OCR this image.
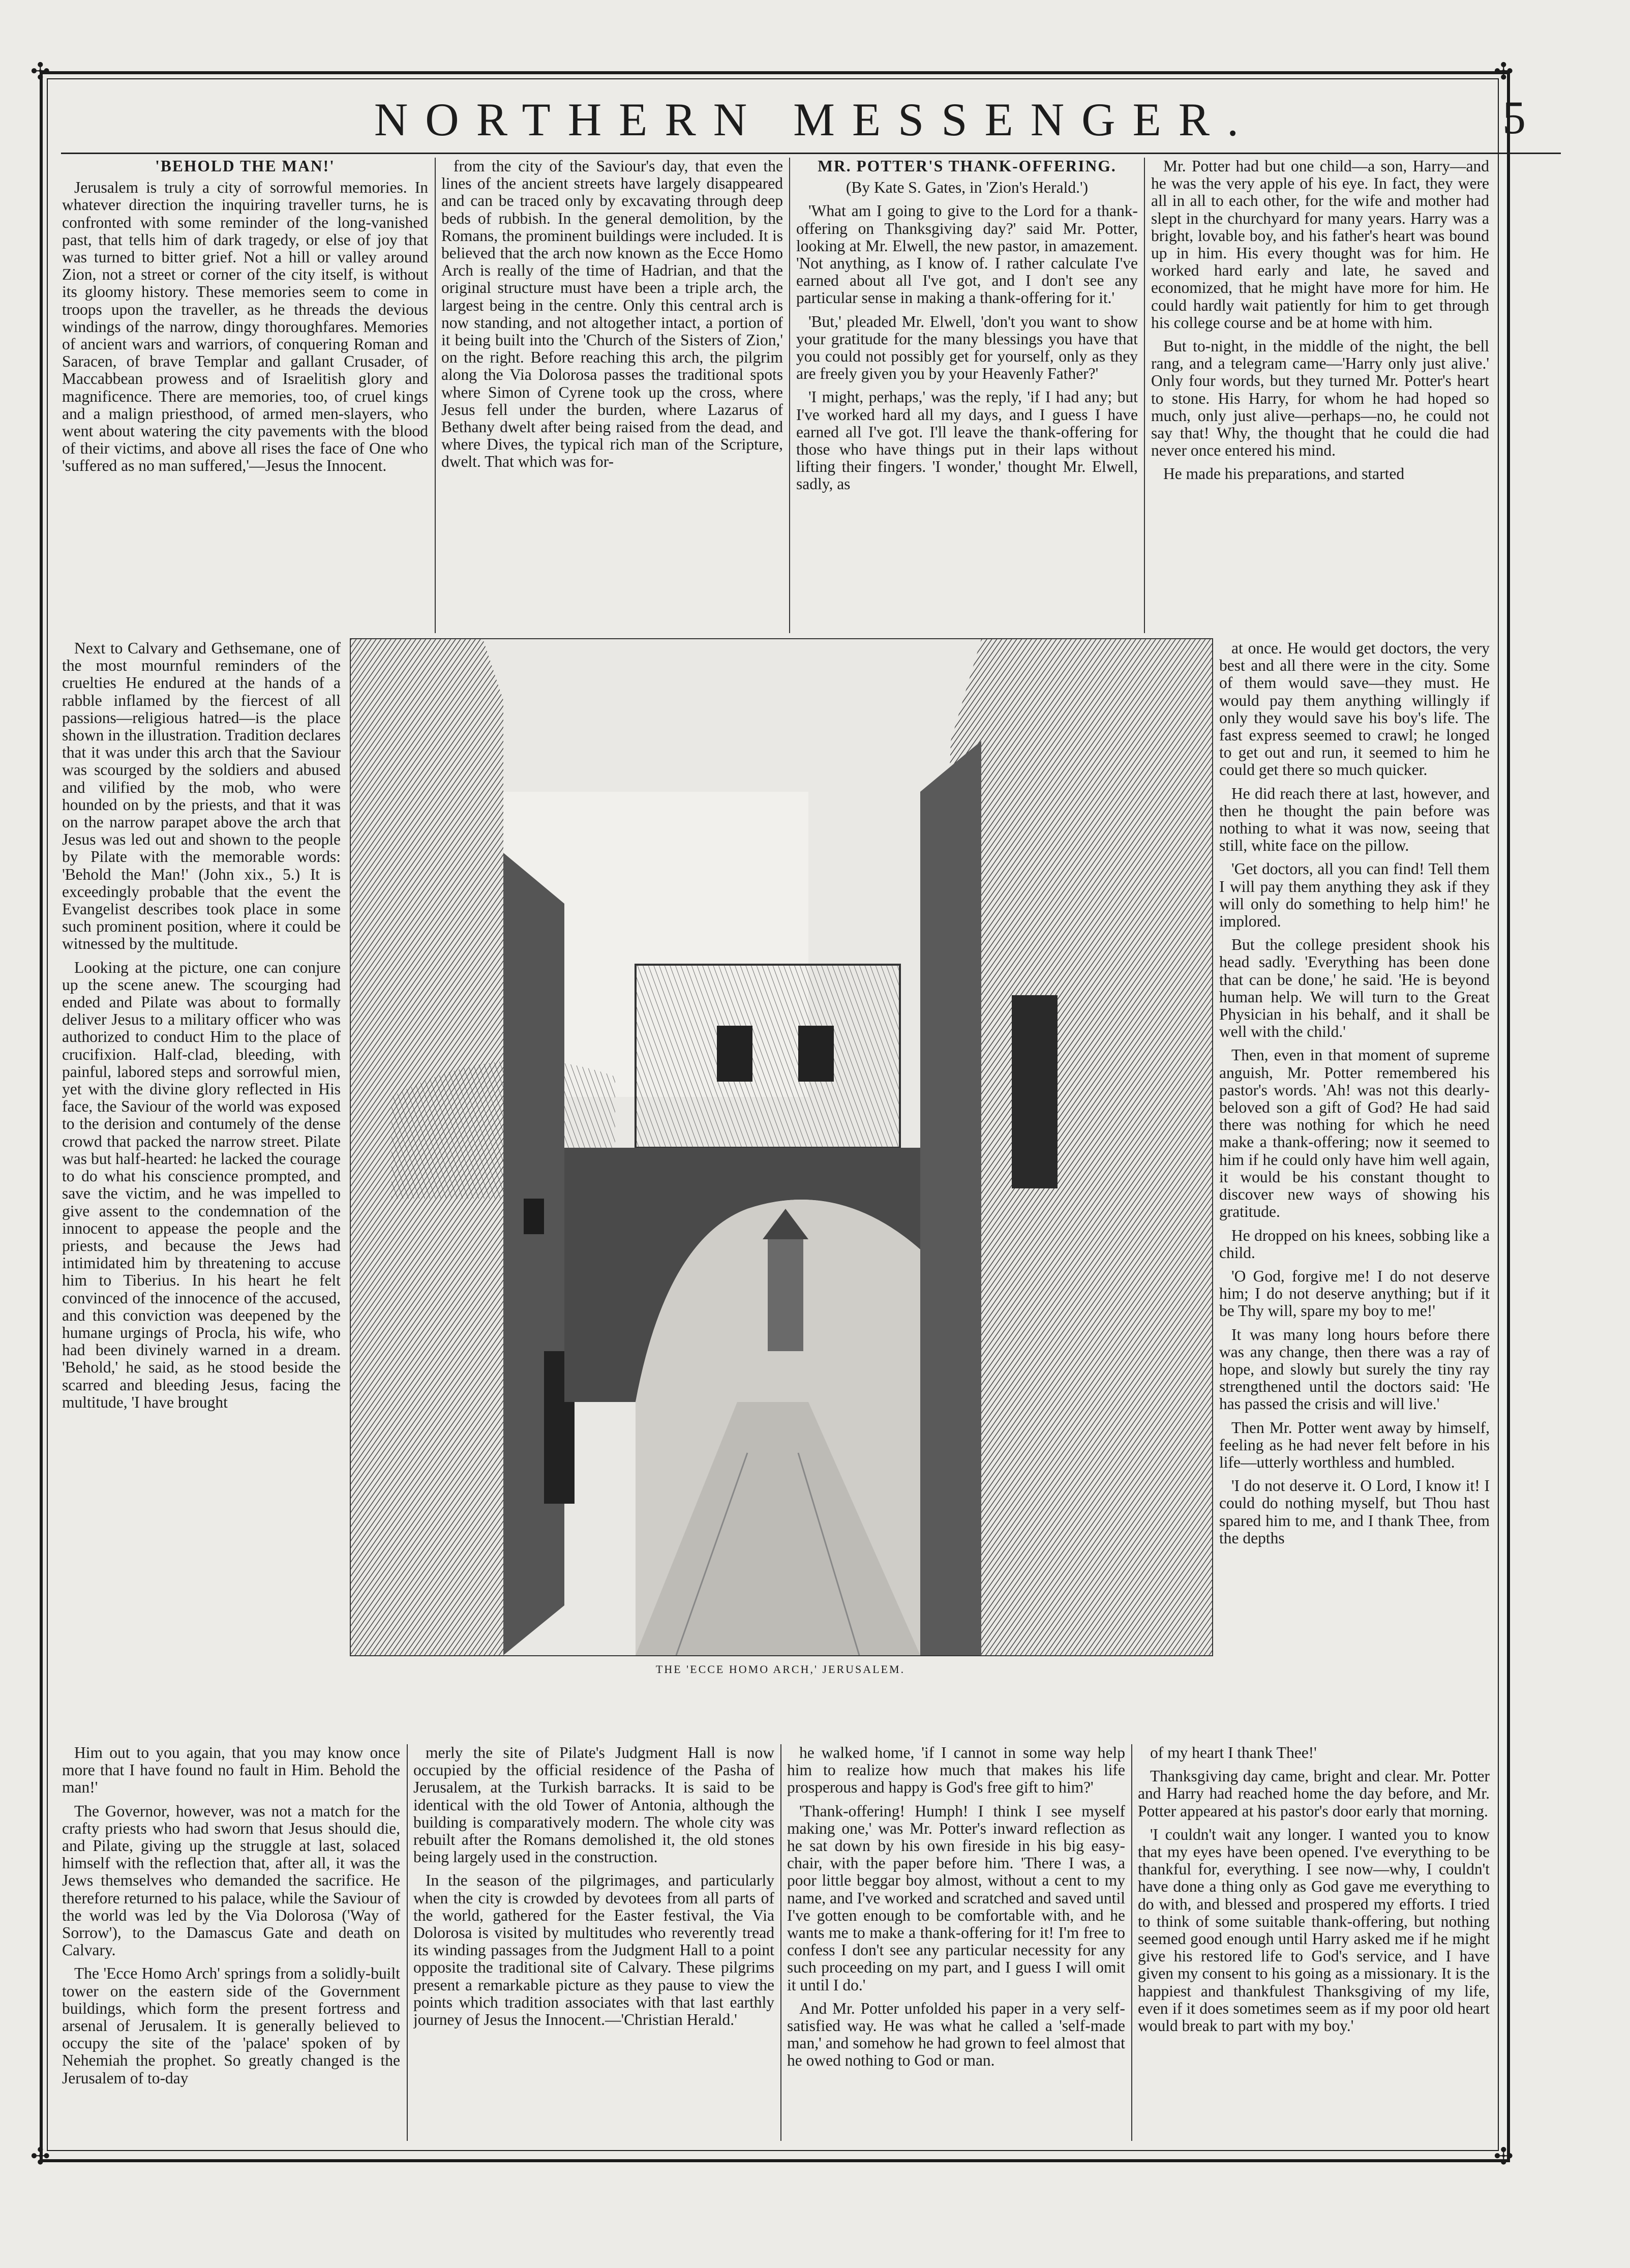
✣	✣
✣	✣
NORTHERN MESSENGER.	5

'BEHOLD THE MAN!'

Jerusalem is truly a city of sorrowful memories. In whatever direction the inquiring traveller turns, he is confronted with some reminder of the long-vanished past, that tells him of dark tragedy, or else of joy that was turned to bitter grief. Not a hill or valley around Zion, not a street or corner of the city itself, is without its gloomy history. These memories seem to come in troops upon the traveller, as he threads the devious windings of the narrow, dingy thoroughfares. Memories of ancient wars and warriors, of conquering Roman and Saracen, of brave Templar and gallant Crusader, of Maccabbean prowess and of Israelitish glory and magnificence. There are memories, too, of cruel kings and a malign priesthood, of armed men-slayers, who went about watering the city pavements with the blood of their victims, and above all rises the face of One who 'suffered as no man suffered,'—Jesus the Innocent.

Next to Calvary and Gethsemane, one of the most mournful reminders of the cruelties He endured at the hands of a rabble inflamed by the fiercest of all passions—religious hatred—is the place shown in the illustration. Tradition declares that it was under this arch that the Saviour was scourged by the soldiers and abused and vilified by the mob, who were hounded on by the priests, and that it was on the narrow parapet above the arch that Jesus was led out and shown to the people by Pilate with the memorable words: 'Behold the Man!' (John xix., 5.) It is exceedingly probable that the event the Evangelist describes took place in some such prominent position, where it could be witnessed by the multitude.

Looking at the picture, one can conjure up the scene anew. The scourging had ended and Pilate was about to formally deliver Jesus to a military officer who was authorized to conduct Him to the place of crucifixion. Half-clad, bleeding, with painful, labored steps and sorrowful mien, yet with the divine glory reflected in His face, the Saviour of the world was exposed to the derision and contumely of the dense crowd that packed the narrow street. Pilate was but half-hearted: he lacked the courage to do what his conscience prompted, and save the victim, and he was impelled to give assent to the condemnation of the innocent to appease the people and the priests, and because the Jews had intimidated him by threatening to accuse him to Tiberius. In his heart he felt convinced of the innocence of the accused, and this conviction was deepened by the humane urgings of Procla, his wife, who had been divinely warned in a dream. 'Behold,' he said, as he stood beside the scarred and bleeding Jesus, facing the multitude, 'I have brought

Him out to you again, that you may know once more that I have found no fault in Him. Behold the man!'

The Governor, however, was not a match for the crafty priests who had sworn that Jesus should die, and Pilate, giving up the struggle at last, solaced himself with the reflection that, after all, it was the Jews themselves who demanded the sacrifice. He therefore returned to his palace, while the Saviour of the world was led by the Via Dolorosa ('Way of Sorrow'), to the Damascus Gate and death on Calvary.

The 'Ecce Homo Arch' springs from a solidly-built tower on the eastern side of the Government buildings, which form the present fortress and arsenal of Jerusalem. It is generally believed to occupy the site of the 'palace' spoken of by Nehemiah the prophet. So greatly changed is the Jerusalem of to-day

from the city of the Saviour's day, that even the lines of the ancient streets have largely disappeared and can be traced only by excavating through deep beds of rubbish. In the general demolition, by the Romans, the prominent buildings were included. It is believed that the arch now known as the Ecce Homo Arch is really of the time of Hadrian, and that the original structure must have been a triple arch, the largest being in the centre. Only this central arch is now standing, and not altogether intact, a portion of it being built into the 'Church of the Sisters of Zion,' on the right. Before reaching this arch, the pilgrim along the Via Dolorosa passes the traditional spots where Simon of Cyrene took up the cross, where Jesus fell under the burden, where Lazarus of Bethany dwelt after being raised from the dead, and where Dives, the typical rich man of the Scripture, dwelt. That which was for-

merly the site of Pilate's Judgment Hall is now occupied by the official residence of the Pasha of Jerusalem, at the Turkish barracks. It is said to be identical with the old Tower of Antonia, although the building is comparatively modern. The whole city was rebuilt after the Romans demolished it, the old stones being largely used in the construction.

In the season of the pilgrimages, and particularly when the city is crowded by devotees from all parts of the world, gathered for the Easter festival, the Via Dolorosa is visited by multitudes who reverently tread its winding passages from the Judgment Hall to a point opposite the traditional site of Calvary. These pilgrims present a remarkable picture as they pause to view the points which tradition associates with that last earthly journey of Jesus the Innocent.—'Christian Herald.'

MR. POTTER'S THANK-OFFERING.

(By Kate S. Gates, in 'Zion's Herald.')

'What am I going to give to the Lord for a thank-offering on Thanksgiving day?' said Mr. Potter, looking at Mr. Elwell, the new pastor, in amazement. 'Not anything, as I know of. I rather calculate I've earned about all I've got, and I don't see any particular sense in making a thank-offering for it.'

'But,' pleaded Mr. Elwell, 'don't you want to show your gratitude for the many blessings you have that you could not possibly get for yourself, only as they are freely given you by your Heavenly Father?'

'I might, perhaps,' was the reply, 'if I had any; but I've worked hard all my days, and I guess I have earned all I've got. I'll leave the thank-offering for those who have things put in their laps without lifting their fingers. 'I wonder,' thought Mr. Elwell, sadly, as

he walked home, 'if I cannot in some way help him to realize how much that makes his life prosperous and happy is God's free gift to him?'

'Thank-offering! Humph! I think I see myself making one,' was Mr. Potter's inward reflection as he sat down by his own fireside in his big easy-chair, with the paper before him. 'There I was, a poor little beggar boy almost, without a cent to my name, and I've worked and scratched and saved until I've gotten enough to be comfortable with, and he wants me to make a thank-offering for it! I'm free to confess I don't see any particular necessity for any such proceeding on my part, and I guess I will omit it until I do.'

And Mr. Potter unfolded his paper in a very self-satisfied way. He was what he called a 'self-made man,' and somehow he had grown to feel almost that he owed nothing to God or man.

Mr. Potter had but one child—a son, Harry—and he was the very apple of his eye. In fact, they were all in all to each other, for the wife and mother had slept in the churchyard for many years. Harry was a bright, lovable boy, and his father's heart was bound up in him. His every thought was for him. He worked hard early and late, he saved and economized, that he might have more for him. He could hardly wait patiently for him to get through his college course and be at home with him.

But to-night, in the middle of the night, the bell rang, and a telegram came—'Harry only just alive.' Only four words, but they turned Mr. Potter's heart to stone. His Harry, for whom he had hoped so much, only just alive—perhaps—no, he could not say that! Why, the thought that he could die had never once entered his mind.

He made his preparations, and started

at once. He would get doctors, the very best and all there were in the city. Some of them would save—they must. He would pay them anything willingly if only they would save his boy's life. The fast express seemed to crawl; he longed to get out and run, it seemed to him he could get there so much quicker.

He did reach there at last, however, and then he thought the pain before was nothing to what it was now, seeing that still, white face on the pillow.

'Get doctors, all you can find! Tell them I will pay them anything they ask if they will only do something to help him!' he implored.

But the college president shook his head sadly. 'Everything has been done that can be done,' he said. 'He is beyond human help. We will turn to the Great Physician in his behalf, and it shall be well with the child.'

Then, even in that moment of supreme anguish, Mr. Potter remembered his pastor's words. 'Ah! was not this dearly-beloved son a gift of God? He had said there was nothing for which he need make a thank-offering; now it seemed to him if he could only have him well again, it would be his constant thought to discover new ways of showing his gratitude.

He dropped on his knees, sobbing like a child.

'O God, forgive me! I do not deserve him; I do not deserve anything; but if it be Thy will, spare my boy to me!'

It was many long hours before there was any change, then there was a ray of hope, and slowly but surely the tiny ray strengthened until the doctors said: 'He has passed the crisis and will live.'

Then Mr. Potter went away by himself, feeling as he had never felt before in his life—utterly worthless and humbled.

'I do not deserve it. O Lord, I know it! I could do nothing myself, but Thou hast spared him to me, and I thank Thee, from the depths

of my heart I thank Thee!'

Thanksgiving day came, bright and clear. Mr. Potter and Harry had reached home the day before, and Mr. Potter appeared at his pastor's door early that morning.

'I couldn't wait any longer. I wanted you to know that my eyes have been opened. I've everything to be thankful for, everything. I see now—why, I couldn't have done a thing only as God gave me everything to do with, and blessed and prospered my efforts. I tried to think of some suitable thank-offering, but nothing seemed good enough until Harry asked me if he might give his restored life to God's service, and I have given my consent to his going as a missionary. It is the happiest and thankfulest Thanksgiving of my life, even if it does sometimes seem as if my poor old heart would break to part with my boy.'

THE 'ECCE HOMO ARCH,' JERUSALEM.
